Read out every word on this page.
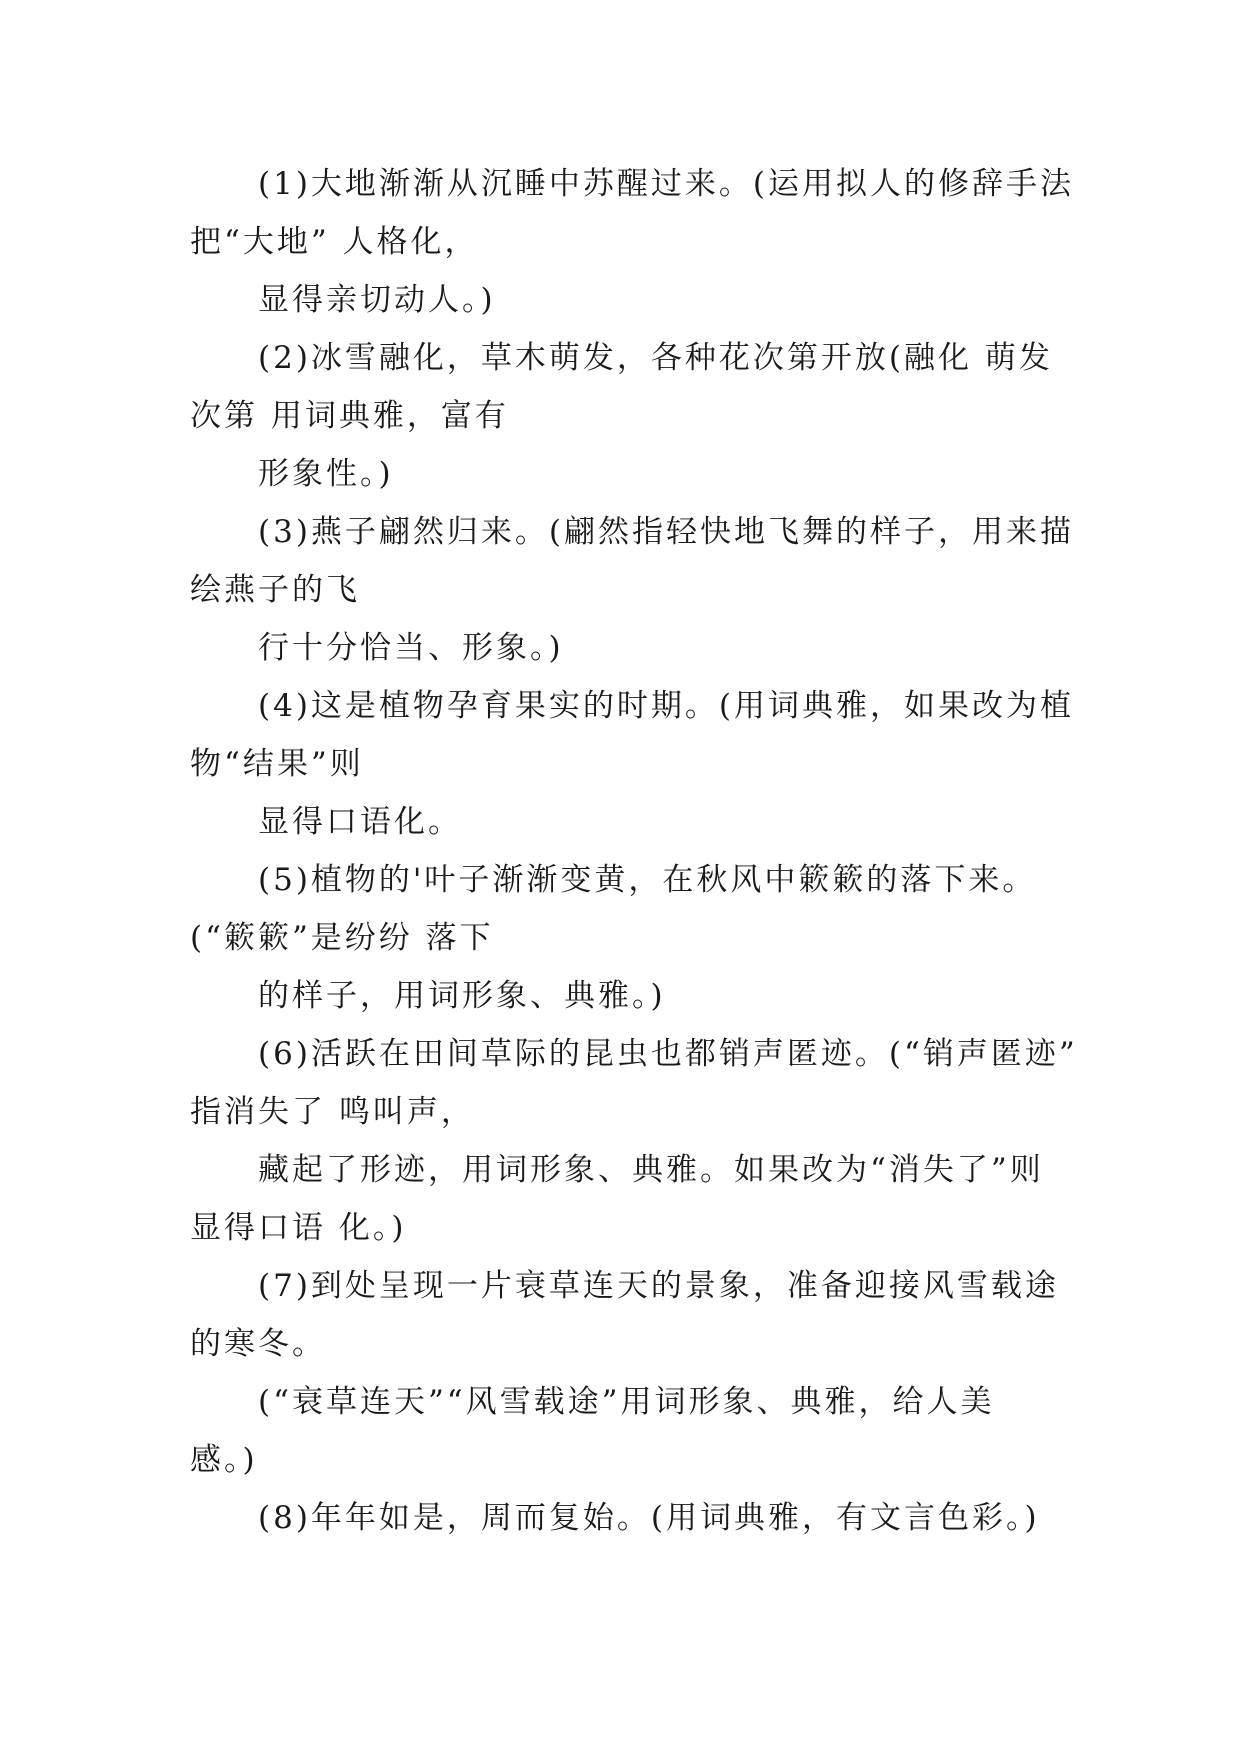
(1)大地渐渐从沉睡中苏醒过来。(运用拟人的修辞手法
把“大地” 人格化，
显得亲切动人。)
(2)冰雪融化，草木萌发，各种花次第开放(融化 萌发
次第 用词典雅，富有
形象性。)
(3)燕子翩然归来。(翩然指轻快地飞舞的样子，用来描
绘燕子的飞
行十分恰当、形象。)
(4)这是植物孕育果实的时期。(用词典雅，如果改为植
物“结果”则
显得口语化。
(5)植物的'叶子渐渐变黄，在秋风中簌簌的落下来。
(“簌簌”是纷纷 落下
的样子，用词形象、典雅。)
(6)活跃在田间草际的昆虫也都销声匿迹。(“销声匿迹”
指消失了 鸣叫声，
藏起了形迹，用词形象、典雅。如果改为“消失了”则
显得口语 化。)
(7)到处呈现一片衰草连天的景象，准备迎接风雪载途
的寒冬。
(“衰草连天”“风雪载途”用词形象、典雅，给人美
感。)
(8)年年如是，周而复始。(用词典雅，有文言色彩。)
